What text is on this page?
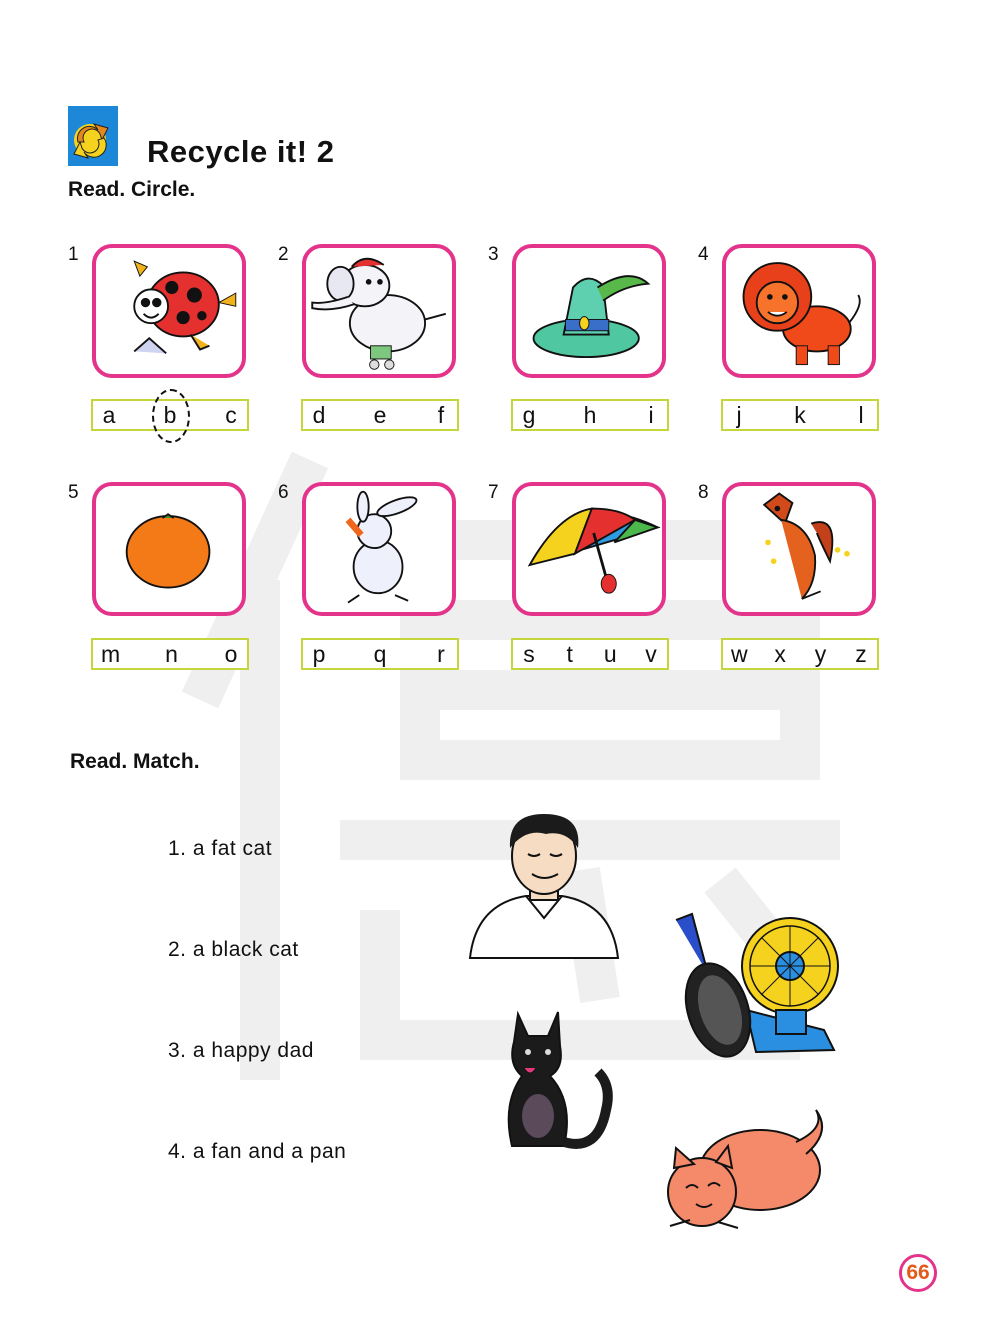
Recycle it! 2
Read. Circle.
1
a b c
2
d e f
3
g h i
4
j k l
5
m n o
6
p q r
7
s t u v
8
w x y z
Read. Match.
1. a fat cat
2. a black cat
3. a happy dad
4. a fan and a pan
66
